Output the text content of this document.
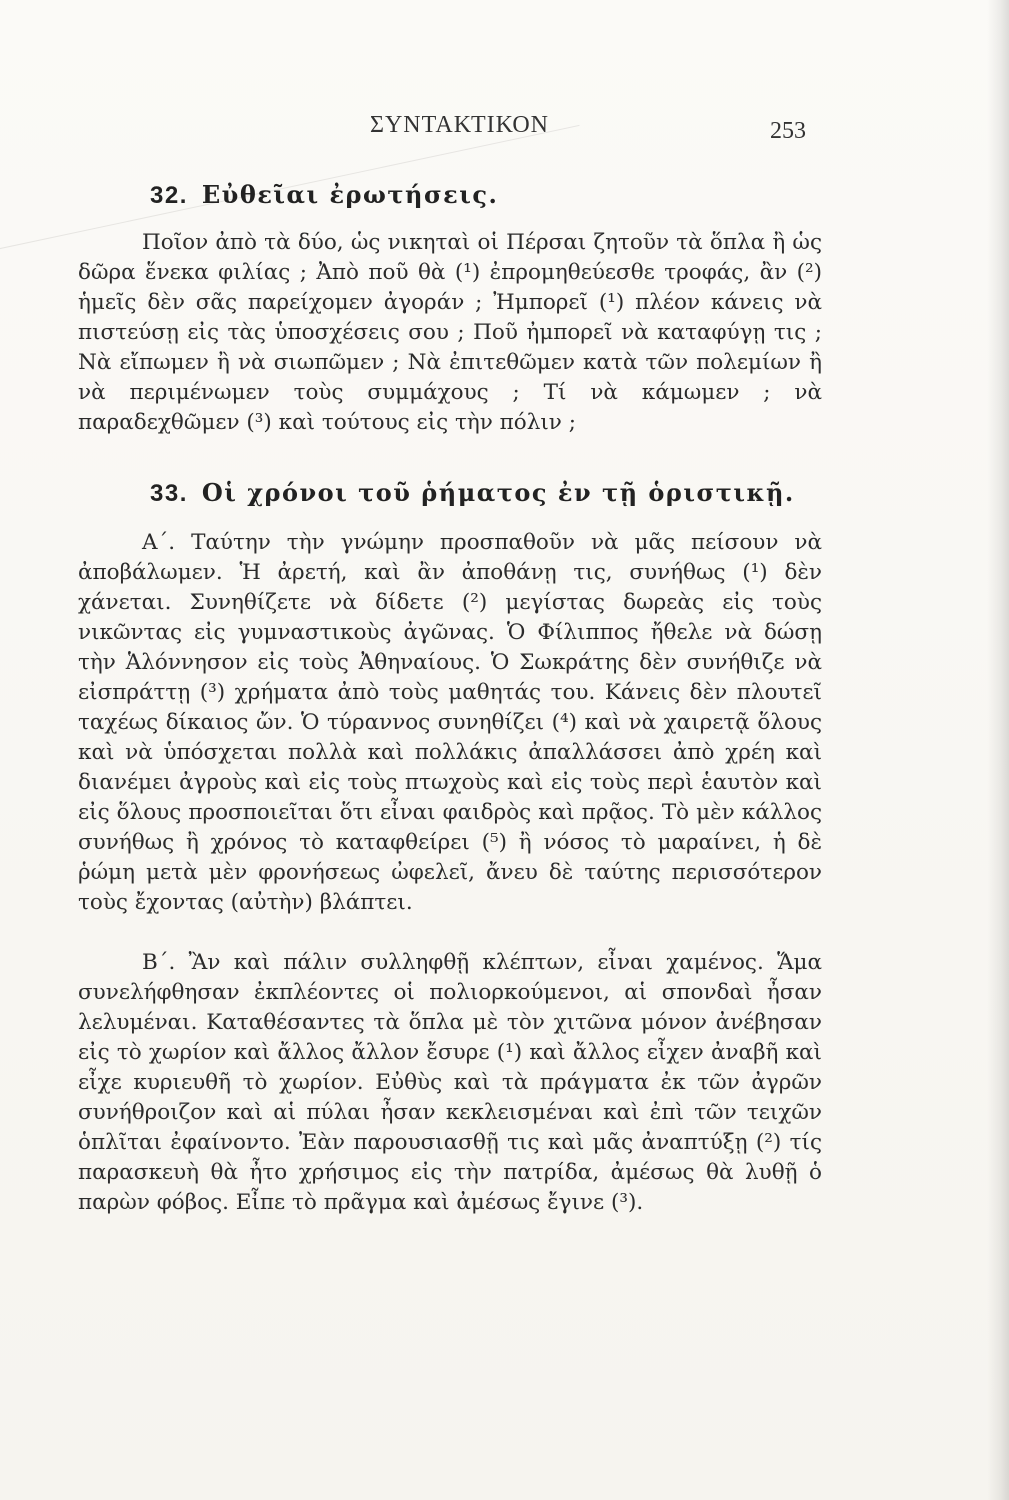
ΣΥΝΤΑΚΤΙΚΟΝ	253
32. Εὐθεῖαι ἐρωτήσεις.

Ποῖον ἀπὸ τὰ δύο, ὡς νικηταὶ οἱ Πέρσαι ζητοῦν τὰ ὅπλα ἢ ὡς δῶρα ἕνεκα φιλίας ; Ἀπὸ ποῦ θὰ (¹) ἐπρομηθεύεσθε τροφάς, ἂν (²) ἡμεῖς δὲν σᾶς παρείχομεν ἀγοράν ; Ἠμπορεῖ (¹) πλέον κάνεις νὰ πιστεύσῃ εἰς τὰς ὑποσχέσεις σου ; Ποῦ ἠμπορεῖ νὰ καταφύγῃ τις ; Νὰ εἴπωμεν ἢ νὰ σιωπῶμεν ; Νὰ ἐπιτεθῶμεν κατὰ τῶν πολεμίων ἢ νὰ περιμένωμεν τοὺς συμμάχους ; Τί νὰ κάμωμεν ; νὰ παραδεχθῶμεν (³) καὶ τούτους εἰς τὴν πόλιν ;

33. Οἱ χρόνοι τοῦ ῥήματος ἐν τῇ ὁριστικῇ.

Α΄. Ταύτην τὴν γνώμην προσπαθοῦν νὰ μᾶς πείσουν νὰ ἀποβάλωμεν. Ἡ ἀρετή, καὶ ἂν ἀποθάνῃ τις, συνήθως (¹) δὲν χάνεται. Συνηθίζετε νὰ δίδετε (²) μεγίστας δωρεὰς εἰς τοὺς νικῶντας εἰς γυμναστικοὺς ἀγῶνας. Ὁ Φίλιππος ἤθελε νὰ δώσῃ τὴν Ἁλόννησον εἰς τοὺς Ἀθηναίους. Ὁ Σωκράτης δὲν συνήθιζε νὰ εἰσπράττῃ (³) χρήματα ἀπὸ τοὺς μαθητάς του. Κάνεις δὲν πλουτεῖ ταχέως δίκαιος ὤν. Ὁ τύραννος συνηθίζει (⁴) καὶ νὰ χαιρετᾷ ὅλους καὶ νὰ ὑπόσχεται πολλὰ καὶ πολλάκις ἀπαλλάσσει ἀπὸ χρέη καὶ διανέμει ἀγροὺς καὶ εἰς τοὺς πτωχοὺς καὶ εἰς τοὺς περὶ ἑαυτὸν καὶ εἰς ὅλους προσποιεῖται ὅτι εἶναι φαιδρὸς καὶ πρᾷος. Τὸ μὲν κάλλος συνήθως ἢ χρόνος τὸ καταφθείρει (⁵) ἢ νόσος τὸ μαραίνει, ἡ δὲ ῥώμη μετὰ μὲν φρονήσεως ὠφελεῖ, ἄνευ δὲ ταύτης περισσότερον τοὺς ἔχοντας (αὐτὴν) βλάπτει.

Β΄. Ἂν καὶ πάλιν συλληφθῇ κλέπτων, εἶναι χαμένος. Ἅμα συνελήφθησαν ἐκπλέοντες οἱ πολιορκούμενοι, αἱ σπονδαὶ ἦσαν λελυμέναι. Καταθέσαντες τὰ ὅπλα μὲ τὸν χιτῶνα μόνον ἀνέβησαν εἰς τὸ χωρίον καὶ ἄλλος ἄλλον ἔσυρε (¹) καὶ ἄλλος εἶχεν ἀναβῆ καὶ εἶχε κυριευθῆ τὸ χωρίον. Εὐθὺς καὶ τὰ πράγματα ἐκ τῶν ἀγρῶν συνήθροιζον καὶ αἱ πύλαι ἦσαν κεκλεισμέναι καὶ ἐπὶ τῶν τειχῶν ὁπλῖται ἐφαίνοντο. Ἐὰν παρουσιασθῇ τις καὶ μᾶς ἀναπτύξῃ (²) τίς παρασκευὴ θὰ ἦτο χρήσιμος εἰς τὴν πατρίδα, ἀμέσως θὰ λυθῇ ὁ παρὼν φόβος. Εἶπε τὸ πρᾶγμα καὶ ἀμέσως ἔγινε (³).
